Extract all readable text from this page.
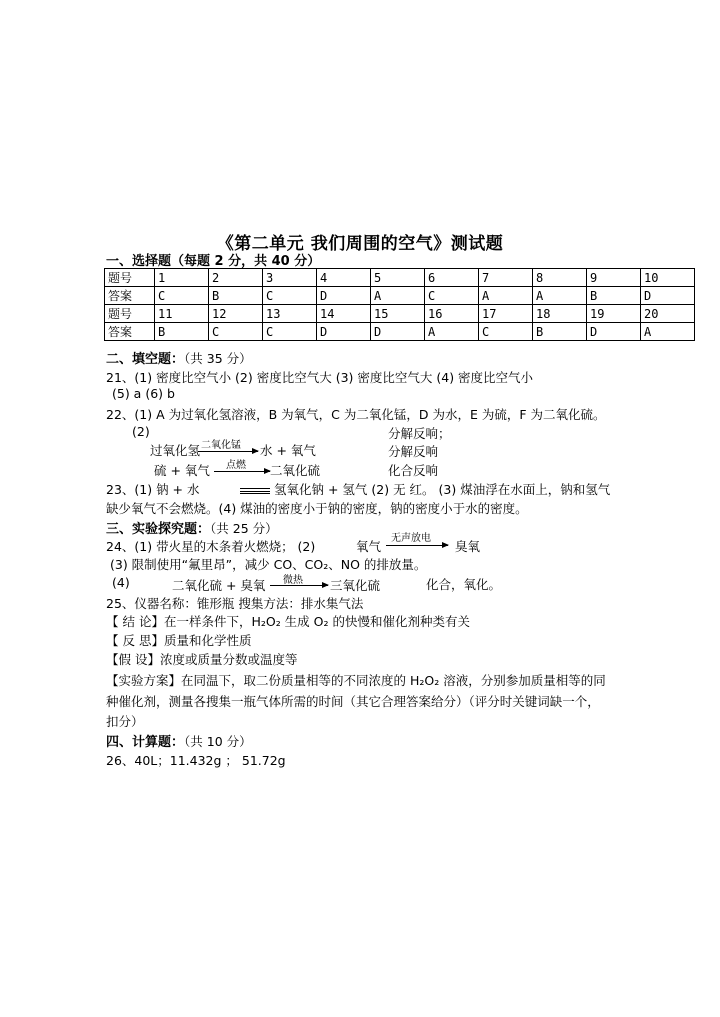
《第二单元 我们周围的空气》测试题
一、选择题（每题 2 分，共 40 分）
题号	1	2	3	4	5	6	7	8	9	10
答案	C	B	C	D	A	C	A	A	B	D
题号	11	12	13	14	15	16	17	18	19	20
答案	B	C	C	D	D	A	C	B	D	A
二、填空题：（共 35 分）
21、(1) 密度比空气小 (2) 密度比空气大 (3) 密度比空气大 (4) 密度比空气小
(5) a (6) b
22、(1) A 为过氧化氢溶液，B 为氧气，C 为二氧化锰，D 为水，E 为硫，F 为二氧化硫。
(2)
过氧化氢 二氧化锰 水 + 氧气
分解反响；
分解反响
硫 + 氧气 点燃 二氧化硫	化合反响
23、(1) 钠 + 水	氢氧化钠 + 氢气 (2) 无 红。 (3) 煤油浮在水面上，钠和氢气
缺少氧气不会燃烧。(4) 煤油的密度小于钠的密度，钠的密度小于水的密度。
三、实验探究题：（共 25 分）
24、(1) 带火星的木条着火燃烧； (2)	氧气
无声放电
臭氧
(3) 限制使用“氟里昂”，减少 CO、CO₂、NO 的排放量。
(4)	二氧化硫 + 臭氧 微热 三氧化硫	化合，氧化。
25、仪器名称：锥形瓶 搜集方法：排水集气法
【 结 论】在一样条件下，H₂O₂ 生成 O₂ 的快慢和催化剂种类有关
【 反 思】质量和化学性质
【假 设】浓度或质量分数或温度等
【实验方案】在同温下，取二份质量相等的不同浓度的 H₂O₂ 溶液，分别参加质量相等的同
种催化剂，测量各搜集一瓶气体所需的时间（其它合理答案给分）（评分时关键词缺一个，
扣分）
四、计算题：（共 10 分）
26、40L；11.432g ； 51.72g
